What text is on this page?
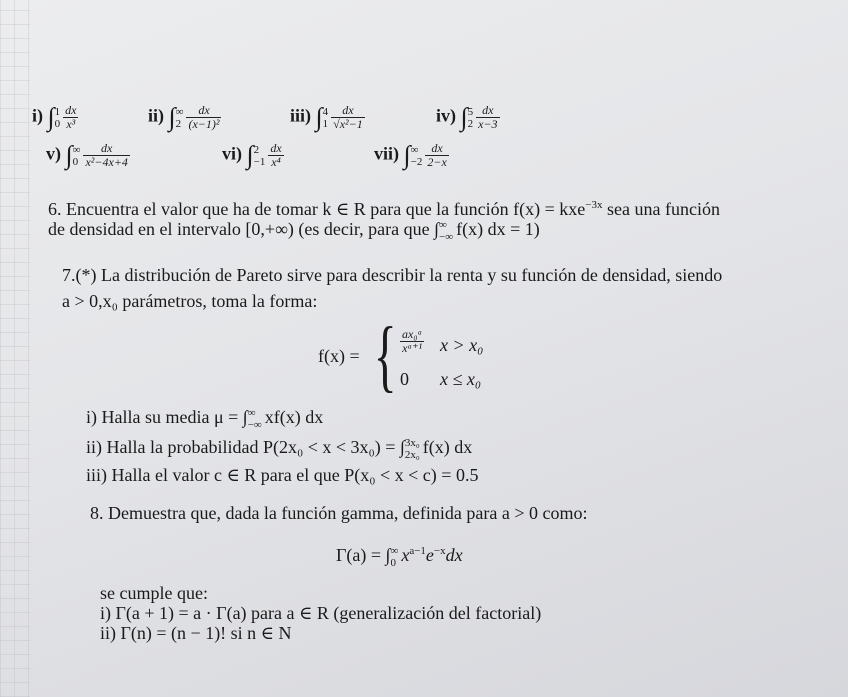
i) ∫ 1
$0 \frac{dx}{\text{x³}}$	ii) ∫ ∞
$2 \frac{dx}{\text{(x−1)²}}$	iii) ∫ 4
$1 \frac{dx}{\text{√x²−1}}$	iv) ∫ 5
$2 \frac{dx}{x-3}$
v) ∫ ∞
$0 \frac{dx}{\text{x²−4x+4}}$	vi) ∫ 2
$-1 \frac{dx}{\text{x⁴}}$	vii) ∫ ∞
$-2 \frac{dx}{2-x}$
6. Encuentra el valor que ha de tomar k ∈ R para que la función f(x) = kxe$^{-3x}$ sea una función
de densidad en el intervalo [0,+∞) (es decir, para que ∫ ∞
−∞ f(x) dx = 1)
7.(*) La distribución de Pareto sirve para describir la renta y su función de densidad, siendo
a > 0,x₀ parámetros, toma la forma:
f(x) = { $\frac{\text{ax₀ᵃ}}{\text{xᵃ⁺¹}}$ x > x₀
0 x ≤ x₀
i) Halla su media μ = ∫ ∞
−∞ xf(x) dx
ii) Halla la probabilidad P(2x₀ < x < 3x₀) = ∫ 3x₀
2x₀ f(x) dx
iii) Halla el valor c ∈ R para el que P(x₀ < x < c) = 0.5
8. Demuestra que, dada la función gamma, definida para a > 0 como:
Γ(a) = ∫ ∞
0 $x^{a-1}e^{-x}dx$
se cumple que:
i) Γ(a + 1) = a · Γ(a) para a ∈ R (generalización del factorial)
ii) Γ(n) = (n − 1)! si n ∈ N
